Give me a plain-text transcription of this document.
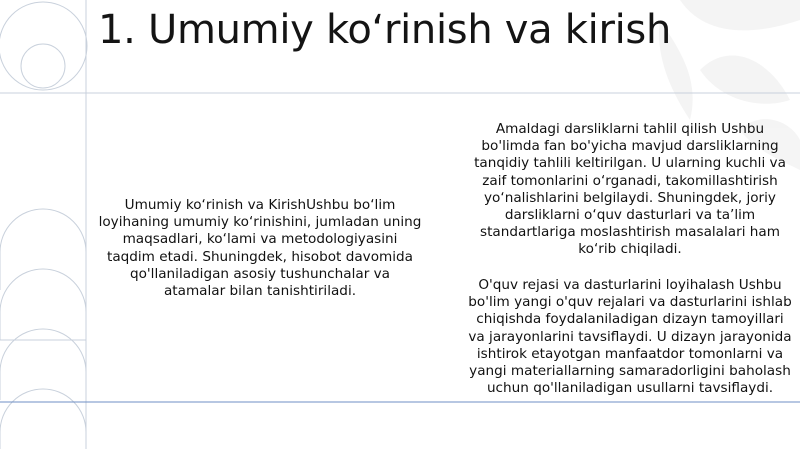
1. Umumiy ko‘rinish va kirish

Umumiy ko‘rinish va KirishUshbu bo‘lim loyihaning umumiy ko‘rinishini, jumladan uning maqsadlari, ko‘lami va metodologiyasini taqdim etadi. Shuningdek, hisobot davomida qo'llaniladigan asosiy tushunchalar va atamalar bilan tanishtiriladi.

Amaldagi darsliklarni tahlil qilish Ushbu bo'limda fan bo'yicha mavjud darsliklarning tanqidiy tahlili keltirilgan. U ularning kuchli va zaif tomonlarini o‘rganadi, takomillashtirish yo‘nalishlarini belgilaydi. Shuningdek, joriy darsliklarni o‘quv dasturlari va ta’lim standartlariga moslashtirish masalalari ham ko‘rib chiqiladi.

O'quv rejasi va dasturlarini loyihalash Ushbu bo'lim yangi o'quv rejalari va dasturlarini ishlab chiqishda foydalaniladigan dizayn tamoyillari va jarayonlarini tavsiflaydi. U dizayn jarayonida ishtirok etayotgan manfaatdor tomonlarni va yangi materiallarning samaradorligini baholash uchun qo'llaniladigan usullarni tavsiflaydi.
